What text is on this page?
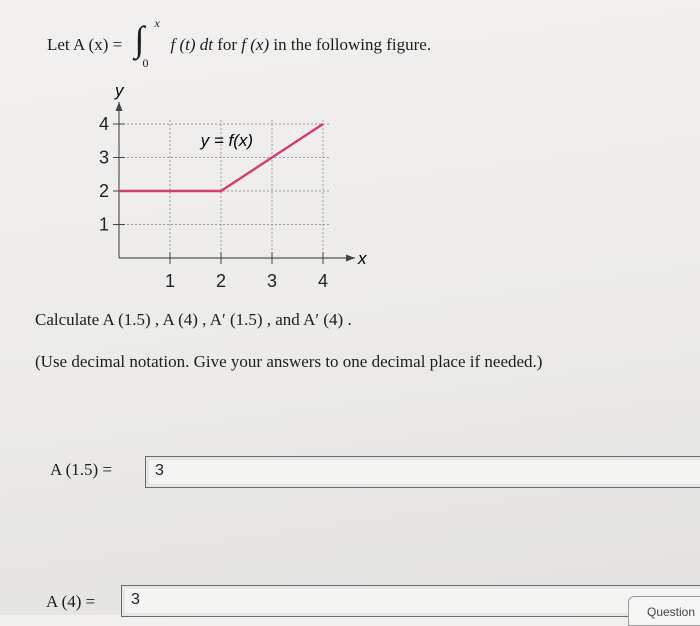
Let A (x) = ∫ x
0
f (t) dt for f (x) in the following figure.
1 2 3 4
1
2
3
4
y = f(x)
x
y
Calculate A (1.5) , A (4) , A′ (1.5) , and A′ (4) .
(Use decimal notation. Give your answers to one decimal place if needed.)
A (1.5) =	3
A (4) = 3
Question
